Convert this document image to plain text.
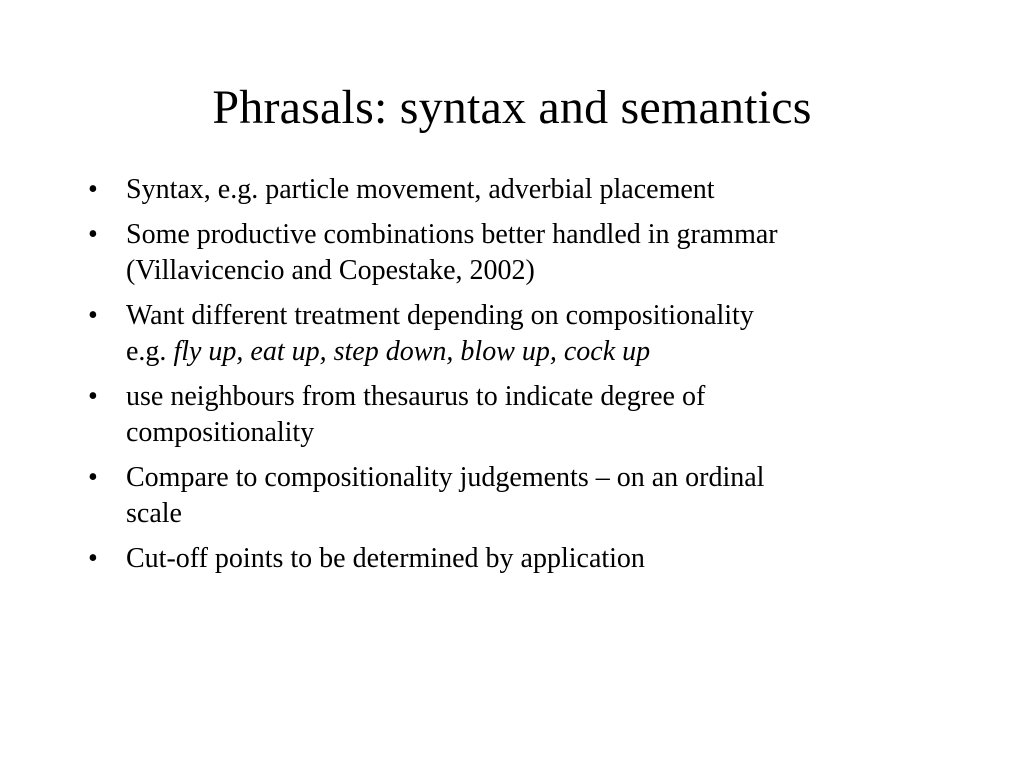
Phrasals: syntax and semantics
•	Syntax, e.g. particle movement, adverbial placement
•	Some productive combinations better handled in grammar
(Villavicencio and Copestake, 2002)
•	Want different treatment depending on compositionality
e.g. fly up, eat up, step down, blow up, cock up
•	use neighbours from thesaurus to indicate degree of
compositionality
•	Compare to compositionality judgements – on an ordinal
scale
•	Cut-off points to be determined by application
